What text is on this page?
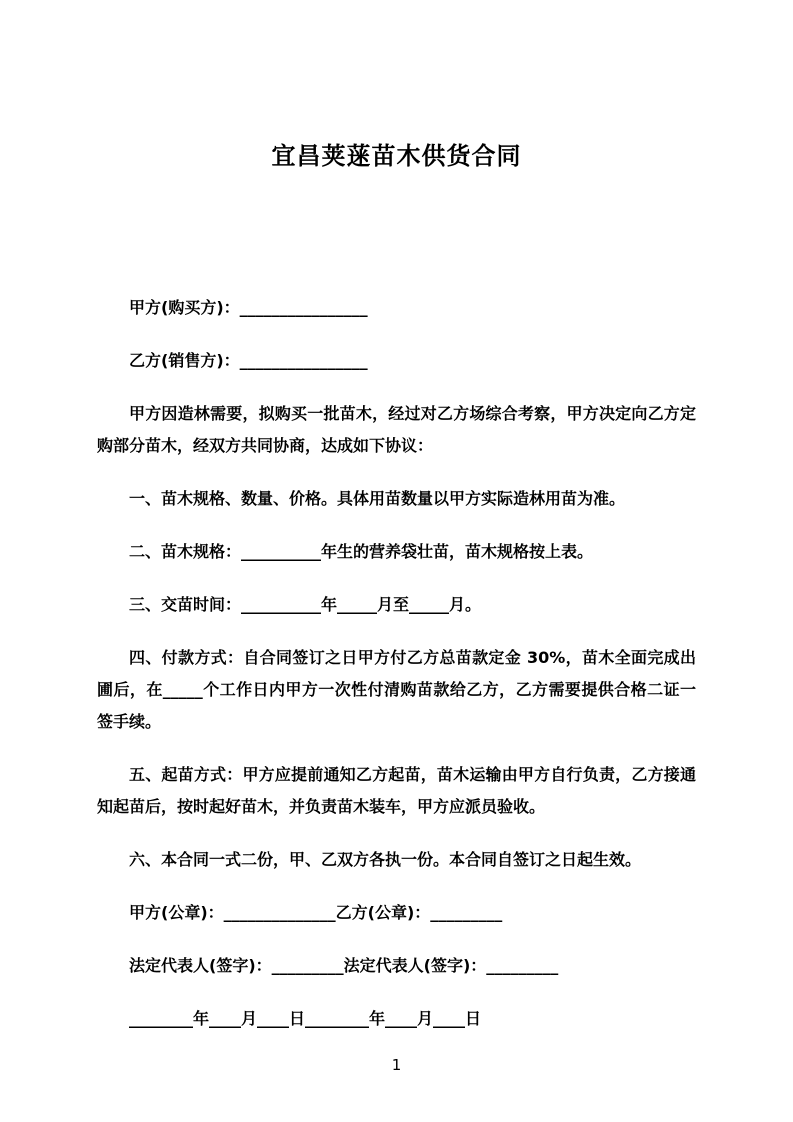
宜昌荚蒾苗木供货合同

甲方(购买方)：________________

乙方(销售方)：________________

甲方因造林需要，拟购买一批苗木，经过对乙方场综合考察，甲方决定向乙方定购部分苗木，经双方共同协商，达成如下协议：

一、苗木规格、数量、价格。具体用苗数量以甲方实际造林用苗为准。

二、苗木规格：__________年生的营养袋壮苗，苗木规格按上表。

三、交苗时间：__________年_____月至_____月。

四、付款方式：自合同签订之日甲方付乙方总苗款定金 30%，苗木全面完成出圃后，在_____个工作日内甲方一次性付清购苗款给乙方，乙方需要提供合格二证一签手续。

五、起苗方式：甲方应提前通知乙方起苗，苗木运输由甲方自行负责，乙方接通知起苗后，按时起好苗木，并负责苗木装车，甲方应派员验收。

六、本合同一式二份，甲、乙双方各执一份。本合同自签订之日起生效。

甲方(公章)：______________乙方(公章)：_________

法定代表人(签字)：_________法定代表人(签字)：_________

________年____月____日________年____月____日

1
